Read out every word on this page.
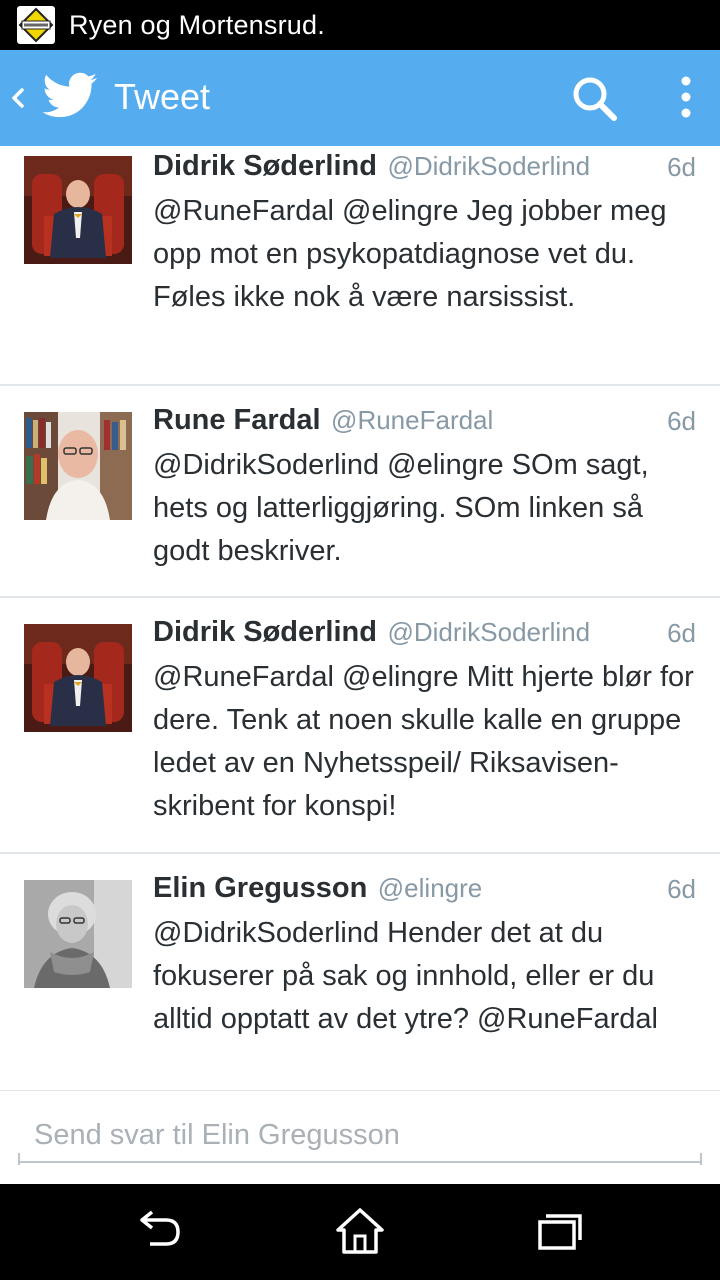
Ryen og Mortensrud.
Tweet
Didrik Søderlind @DidrikSoderlind	6d
@RuneFardal @elingre Jeg jobber meg opp mot en psykopatdiagnose vet du. Føles ikke nok å være narsissist.
Rune Fardal @RuneFardal	6d
@DidrikSoderlind @elingre SOm sagt, hets og latterliggjøring. SOm linken så godt beskriver.
Didrik Søderlind @DidrikSoderlind	6d
@RuneFardal @elingre Mitt hjerte blør for dere. Tenk at noen skulle kalle en gruppe ledet av en Nyhetsspeil/ Riksavisen-skribent for konspi!
Elin Gregusson @elingre	6d
@DidrikSoderlind Hender det at du fokuserer på sak og innhold, eller er du alltid opptatt av det ytre? @RuneFardal
Send svar til Elin Gregusson
